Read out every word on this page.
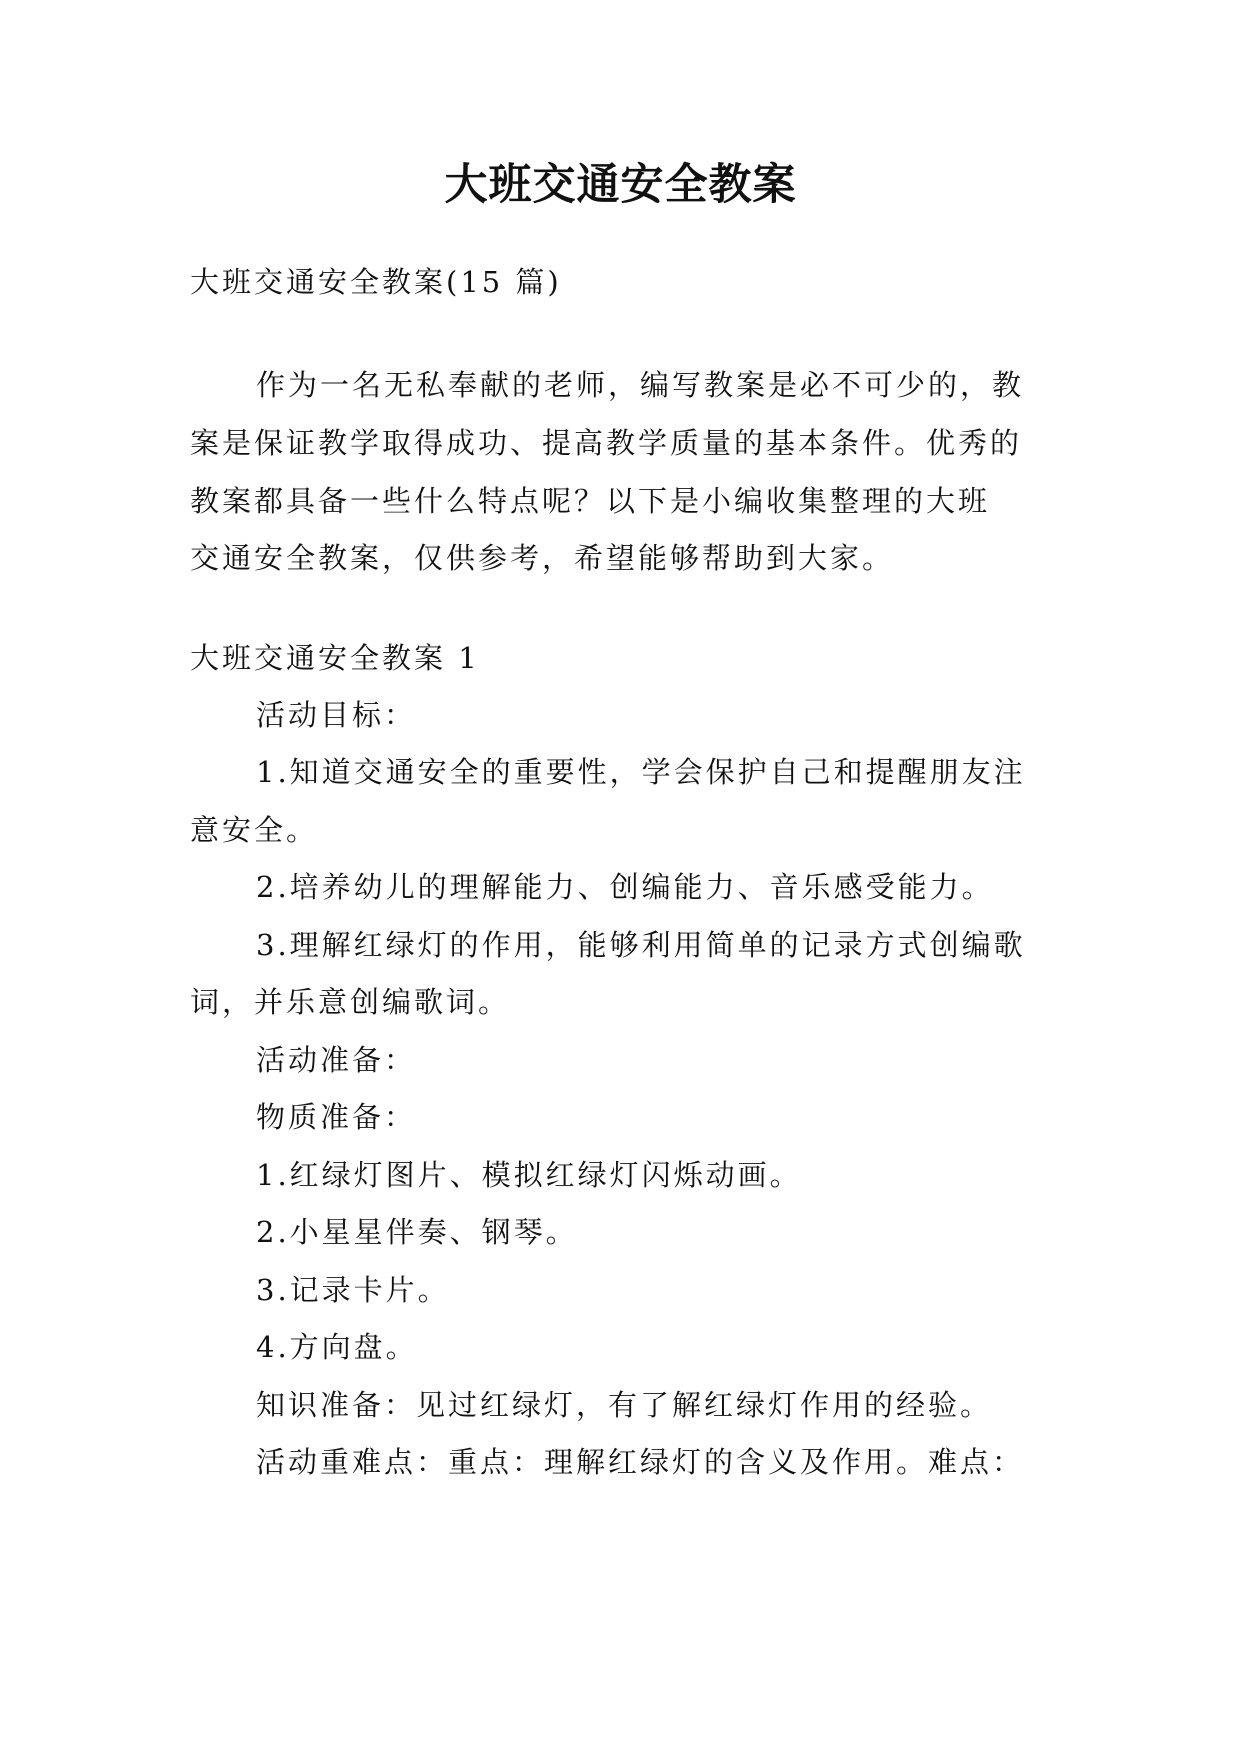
大班交通安全教案
大班交通安全教案(15 篇)
作为一名无私奉献的老师，编写教案是必不可少的，教
案是保证教学取得成功、提高教学质量的基本条件。优秀的
教案都具备一些什么特点呢？以下是小编收集整理的大班
交通安全教案，仅供参考，希望能够帮助到大家。
大班交通安全教案 1
活动目标：
1.知道交通安全的重要性，学会保护自己和提醒朋友注
意安全。
2.培养幼儿的理解能力、创编能力、音乐感受能力。
3.理解红绿灯的作用，能够利用简单的记录方式创编歌
词，并乐意创编歌词。
活动准备：
物质准备：
1.红绿灯图片、模拟红绿灯闪烁动画。
2.小星星伴奏、钢琴。
3.记录卡片。
4.方向盘。
知识准备：见过红绿灯，有了解红绿灯作用的经验。
活动重难点：重点：理解红绿灯的含义及作用。难点：
